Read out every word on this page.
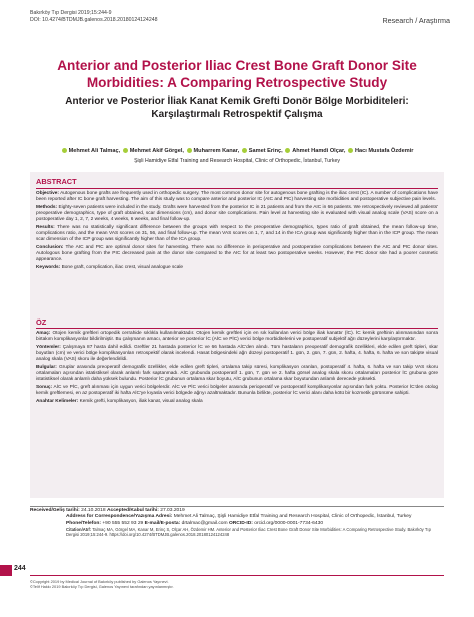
Bakırköy Tıp Dergisi 2019;15:244-9
DOI: 10.4274/BTDMJB.galenos.2018.20180124124248	Research / Araştırma
Anterior and Posterior Iliac Crest Bone Graft Donor Site Morbidities: A Comparing Retrospective Study
Anterior ve Posterior İliak Kanat Kemik Grefti Donör Bölge Morbiditeleri: Karşılaştırmalı Retrospektif Çalışma
Mehmet Ali Talmaç, Mehmet Akif Görgel, Muharrem Kanar, Samet Erinç, Ahmet Hamdi Olçar, Hacı Mustafa Özdemir
Şişli Hamidiye Etfal Training and Research Hospital, Clinic of Orthopedic, İstanbul, Turkey
ABSTRACT

Objective: Autogenous bone grafts are frequently used in orthopedic surgery. The most common donor site for autogenous bone grafting is the iliac crest (IC). A number of complications have been reported after IC bone graft harvesting. The aim of this study was to compare anterior and posterior IC (AIC and PIC) harvesting site morbidities and postoperative subjective pain levels.

Methods: Eighty-seven patients were included in the study. Grafts were harvested from the posterior IC in 21 patients and from the AIC in 66 patients. We retrospectively reviewed all patients' preoperative demographics, type of graft obtained, scar dimensions (cm), and donor site complications. Pain level at harvesting site is evaluated with visual analog scale (VAS) score on a postoperative day 1, 2, 7, 2 weeks, 4 weeks, 6 weeks, and final follow-up.

Results: There was no statistically significant difference between the groups with respect to the preoperative demographics, types ratio of graft obtained, the mean follow-up time, complications ratio, and the mean VAS scores on 31, 56, and final follow-up. The mean VAS scores on 1, 7, and 14 in the ICA group was significantly higher than in the ICP group. The mean scar dimension of the ICP group was significantly higher than of the ICA group.

Conclusion: The AIC and PIC are optimal donor sites for harvesting. There was no difference in perioperative and postoperative complications between the AIC and PIC donor sites. Autologous bone grafting from the PIC decreased pain at the donor site compared to the AIC for at least two postoperative weeks. However, the PIC donor site had a poorer cosmetic appearance.

Keywords: Bone graft, complication, iliac crest, visual analogue scale

ÖZ

Amaç: Otojen kemik greftleri ortopedik cerrahide sıklıkla kullanılmaktadır. Otojen kemik greftleri için en sık kullanılan verici bölge iliak kanattır (İC). İC kemik greftinin alınmasından sonra birtakım komplikasyonlar bildirilmiştir. Bu çalışmanın amacı, anterior ve posterior İC (AİC ve PİC) verici bölge morbiditelerini ve postoperatif subjektif ağrı düzeylerini karşılaştırmaktır.

Yöntemler: Çalışmaya 87 hasta dahil edildi. Greftler 21 hastada posterior İC ve 66 hastada AİC'den alındı. Tüm hastaların preoperatif demografik özellikleri, elde edilen greft tipleri, skar boyutları (cm) ve verici bölge komplikasyonları retrospektif olarak incelendi. Hasat bölgesindeki ağrı düzeyi postoperatif 1. gün, 2. gün, 7. gün, 2. hafta, 4. hafta, 6. hafta ve son takipte visual analog skala (VAS) skoru ile değerlendirildi.

Bulgular: Gruplar arasında preoperatif demografik özellikler, elde edilen greft tipleri, ortalama takip süresi, komplikasyon oranları, postoperatif 4. hafta, 6. hafta ve son takip VAS skoru ortalamaları açısından istatistiksel olarak anlamlı fark saptanmadı. AİC grubunda postoperatif 1. gün, 7. gün ve 2. hafta görsel analog skala skoru ortalamaları posterior İC grubuna göre istatistiksel olarak anlamlı daha yüksek bulundu. Posterior İC grubunun ortalama skar boyutu, AİC grubunun ortalama skar boyutundan anlamlı derecede yüksekti.

Sonuç: AİC ve PİC, greft alınması için uygun verici bölgelerdir. AİC ve PİC verici bölgeler arasında perioperatif ve postoperatif komplikasyonlar açısından fark yoktu. Posterior İC'den otolog kemik greftlemesi, en az postoperatif iki hafta AİC'ye kıyasla verici bölgede ağrıyı azaltmaktadır. Bununla birlikte, posterior İC verici alanı daha kötü bir kozmetik görünüme sahipti.

Anahtar Kelimeler: Kemik grefti, komplikasyon, iliak kanat, visual analog skala

Received/Geliş tarihi: 24.10.2018 Accepted/Kabul tarihi: 27.03.2019
Address for Correspondence/Yazışma Adresi: Mehmet Ali Talmaç, Şişli Hamidiye Etfal Training and Research Hospital, Clinic of Orthopedic, İstanbul, Turkey
Phone/Telefon: +90 555 552 93 29 E-mail/E-posta: drtalmac@gmail.com ORCID-ID: orcid.org/0000-0001-7734-6430
Citation/Atıf: Talmaç MA, Görgel MA, Kanar M, Erinç S, Olçar AH, Özdemir HM. Anterior and Posterior Iliac Crest Bone Graft Donor Site Morbidities: A Comparing Retrospective Study. Bakırköy Tıp Dergisi 2019;15:244-9. https://doi.org/10.4274/BTDMJB.galenos.2018.20180124124248
244
©Copyright 2019 by Medical Journal of Bakırköy published by Galenos Yayınevi.
©Telif Hakkı 2019 Bakırköy Tıp Dergisi, Galenos Yayınevi tarafından yayınlanmıştır.
